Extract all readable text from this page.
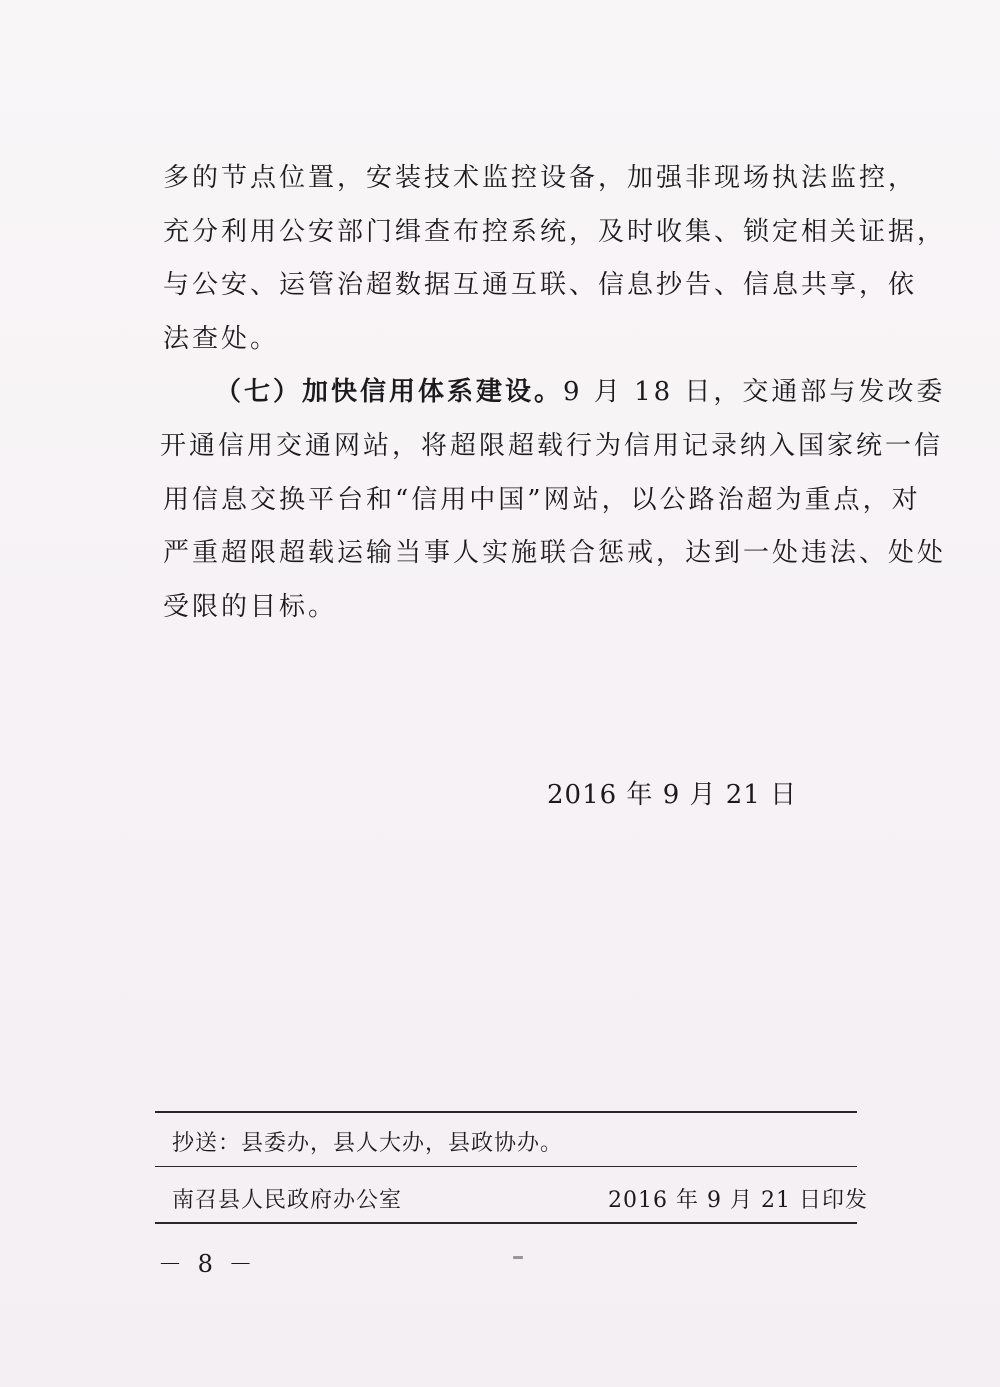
多的节点位置，安装技术监控设备，加强非现场执法监控，
充分利用公安部门缉查布控系统，及时收集、锁定相关证据，
与公安、运管治超数据互通互联、信息抄告、信息共享，依
法查处。
（七）加快信用体系建设。9 月 18 日，交通部与发改委
开通信用交通网站，将超限超载行为信用记录纳入国家统一信
用信息交换平台和“信用中国”网站，以公路治超为重点，对
严重超限超载运输当事人实施联合惩戒，达到一处违法、处处
受限的目标。
2016 年 9 月 21 日
抄送：县委办，县人大办，县政协办。
南召县人民政府办公室	2016 年 9 月 21 日印发
－ 8 －
